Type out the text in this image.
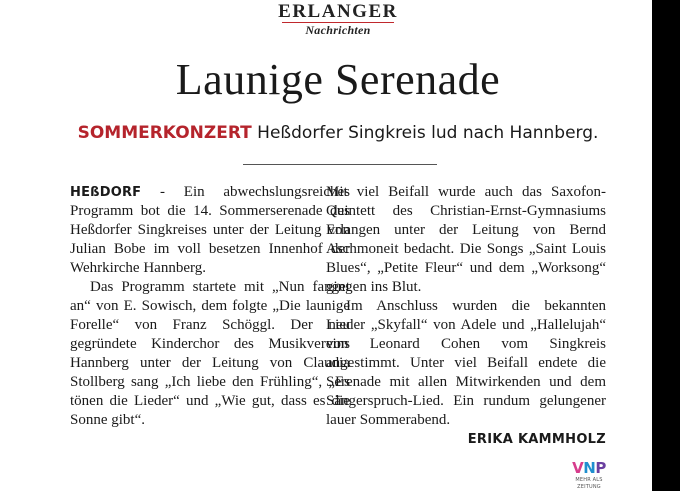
ERLANGER
Nachrichten
Launige Serenade
SOMMERKONZERT Heßdorfer Singkreis lud nach Hannberg.

HEßDORF - Ein abwechslungsreiches Programm bot die 14. Sommerserenade des Heßdorfer Singkreises unter der Leitung von Julian Bobe im voll besetzen Innenhof der Wehrkirche Hannberg.

Das Programm startete mit „Nun fanget an“ von E. Sowisch, dem folgte „Die launige Forelle“ von Franz Schöggl. Der neu gegründete Kinderchor des Musikvereins Hannberg unter der Leitung von Claudia Stollberg sang „Ich liebe den Frühling“, „Es tönen die Lieder“ und „Wie gut, dass es die Sonne gibt“.

Mit viel Beifall wurde auch das Saxofon-Quintett des Christian-Ernst-Gymnasiums Erlangen unter der Leitung von Bernd Aschmoneit bedacht. Die Songs „Saint Louis Blues“, „Petite Fleur“ und dem „Worksong“ gingen ins Blut.

Im Anschluss wurden die bekannten Lieder „Skyfall“ von Adele und „Hallelujah“ von Leonard Cohen vom Singkreis angestimmt. Unter viel Beifall endete die Serenade mit allen Mitwirkenden und dem Sängerspruch-Lied. Ein rundum gelungener lauer Sommerabend.
ERIKA KAMMHOLZ

VNP
MEHR ALS ZEITUNG
